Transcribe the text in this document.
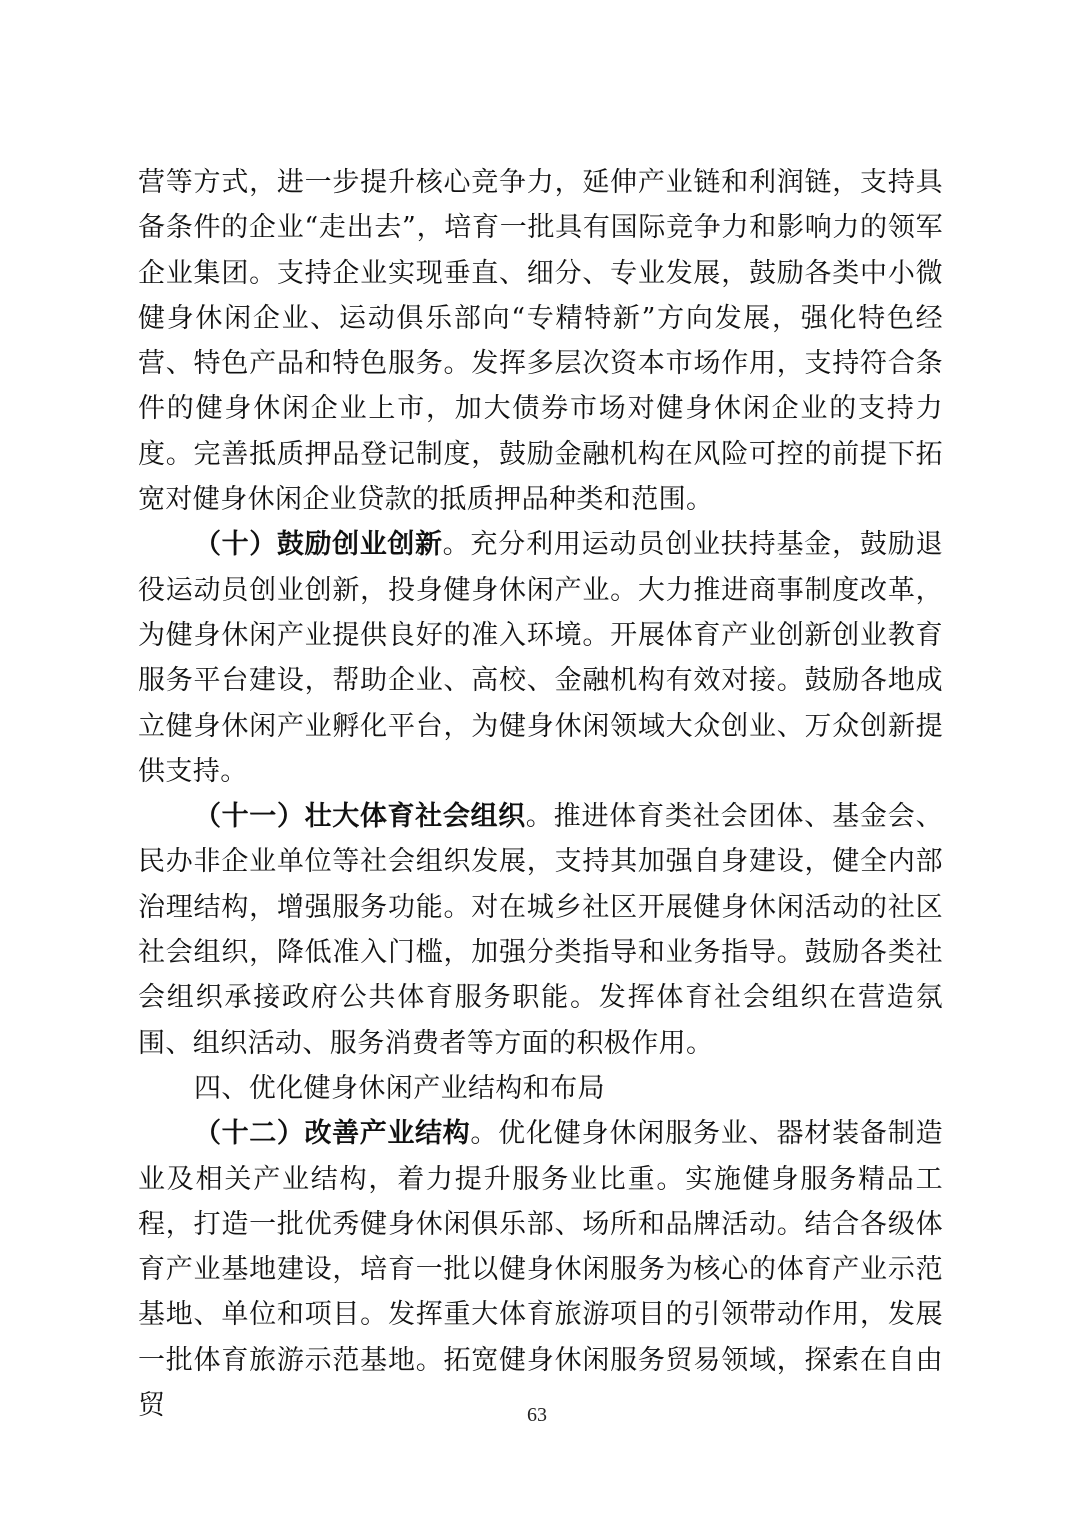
营等方式，进一步提升核心竞争力，延伸产业链和利润链，支持具备条件的企业“走出去”，培育一批具有国际竞争力和影响力的领军企业集团。支持企业实现垂直、细分、专业发展，鼓励各类中小微健身休闲企业、运动俱乐部向“专精特新”方向发展，强化特色经营、特色产品和特色服务。发挥多层次资本市场作用，支持符合条件的健身休闲企业上市，加大债券市场对健身休闲企业的支持力度。完善抵质押品登记制度，鼓励金融机构在风险可控的前提下拓宽对健身休闲企业贷款的抵质押品种类和范围。

（十）鼓励创业创新。充分利用运动员创业扶持基金，鼓励退役运动员创业创新，投身健身休闲产业。大力推进商事制度改革，为健身休闲产业提供良好的准入环境。开展体育产业创新创业教育服务平台建设，帮助企业、高校、金融机构有效对接。鼓励各地成立健身休闲产业孵化平台，为健身休闲领域大众创业、万众创新提供支持。

（十一）壮大体育社会组织。推进体育类社会团体、基金会、民办非企业单位等社会组织发展，支持其加强自身建设，健全内部治理结构，增强服务功能。对在城乡社区开展健身休闲活动的社区社会组织，降低准入门槛，加强分类指导和业务指导。鼓励各类社会组织承接政府公共体育服务职能。发挥体育社会组织在营造氛围、组织活动、服务消费者等方面的积极作用。

四、优化健身休闲产业结构和布局

（十二）改善产业结构。优化健身休闲服务业、器材装备制造业及相关产业结构，着力提升服务业比重。实施健身服务精品工程，打造一批优秀健身休闲俱乐部、场所和品牌活动。结合各级体育产业基地建设，培育一批以健身休闲服务为核心的体育产业示范基地、单位和项目。发挥重大体育旅游项目的引领带动作用，发展一批体育旅游示范基地。拓宽健身休闲服务贸易领域，探索在自由贸	63
